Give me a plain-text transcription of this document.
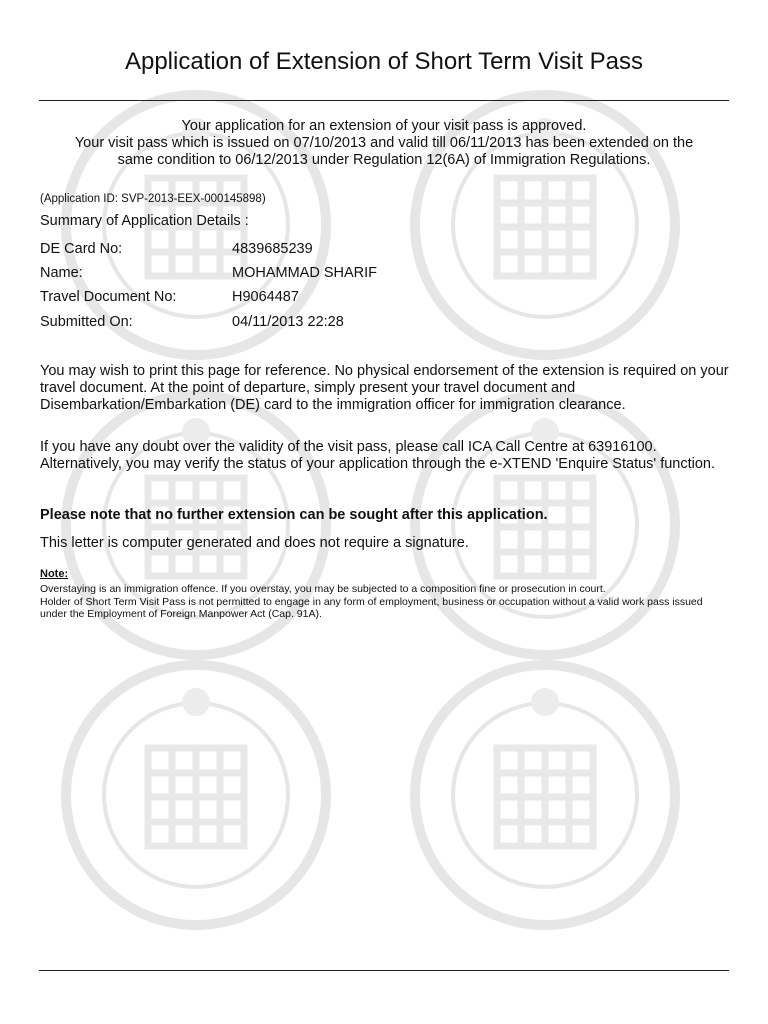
Application of Extension of Short Term Visit Pass
Your application for an extension of your visit pass is approved.
Your visit pass which is issued on 07/10/2013 and valid till 06/11/2013 has been extended on the
same condition to 06/12/2013 under Regulation 12(6A) of Immigration Regulations.
(Application ID: SVP-2013-EEX-000145898)
Summary of Application Details :
DE Card No:	4839685239
Name:	MOHAMMAD SHARIF
Travel Document No:	H9064487
Submitted On:	04/11/2013 22:28
You may wish to print this page for reference. No physical endorsement of the extension is required on your travel document. At the point of departure, simply present your travel document and Disembarkation/Embarkation (DE) card to the immigration officer for immigration clearance.
If you have any doubt over the validity of the visit pass, please call ICA Call Centre at 63916100. Alternatively, you may verify the status of your application through the e-XTEND 'Enquire Status' function.
Please note that no further extension can be sought after this application.
This letter is computer generated and does not require a signature.
Note:
Overstaying is an immigration offence. If you overstay, you may be subjected to a composition fine or prosecution in court.
Holder of Short Term Visit Pass is not permitted to engage in any form of employment, business or occupation without a valid work pass issued under the Employment of Foreign Manpower Act (Cap. 91A).
